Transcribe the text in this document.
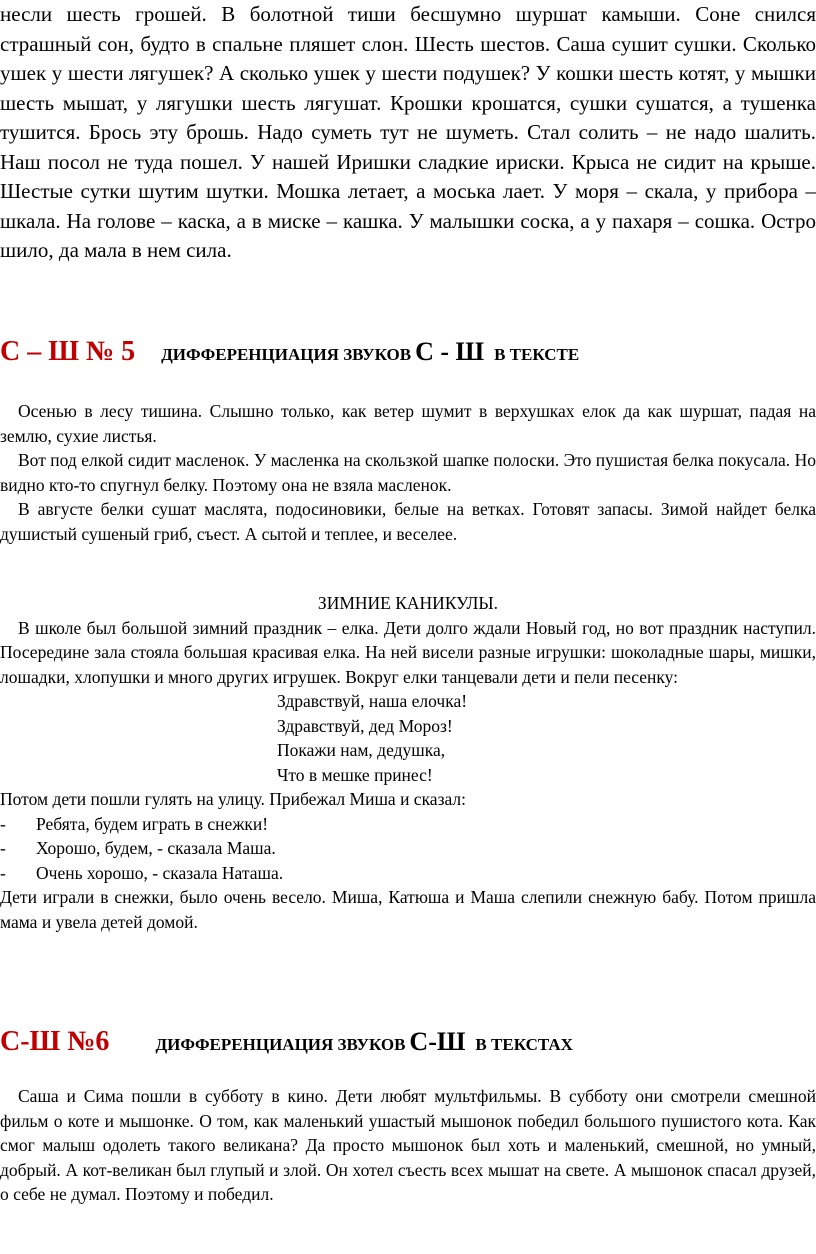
несли шесть грошей. В болотной тиши бесшумно шуршат камыши. Соне снился страшный сон, будто в спальне пляшет слон. Шесть шестов. Саша сушит сушки. Сколько ушек у шести лягушек? А сколько ушек у шести подушек? У кошки шесть котят, у мышки шесть мышат, у лягушки шесть лягушат. Крошки крошатся, сушки сушатся, а тушенка тушится. Брось эту брошь. Надо суметь тут не шуметь. Стал солить – не надо шалить. Наш посол не туда пошел. У нашей Иришки сладкие ириски. Крыса не сидит на крыше. Шестые сутки шутим шутки. Мошка летает, а моська лает. У моря – скала, у прибора – шкала. На голове – каска, а в миске – кашка. У малышки соска, а у пахаря – сошка. Остро шило, да мала в нем сила.

С – Ш № 5 ДИФФЕРЕНЦИАЦИЯ ЗВУКОВ С - Ш В ТЕКСТЕ

Осенью в лесу тишина. Слышно только, как ветер шумит в верхушках елок да как шуршат, падая на землю, сухие листья.

Вот под елкой сидит масленок. У масленка на скользкой шапке полоски. Это пушистая белка покусала. Но видно кто-то спугнул белку. Поэтому она не взяла масленок.

В августе белки сушат маслята, подосиновики, белые на ветках. Готовят запасы. Зимой найдет белка душистый сушеный гриб, съест. А сытой и теплее, и веселее.

ЗИМНИЕ КАНИКУЛЫ.

В школе был большой зимний праздник – елка. Дети долго ждали Новый год, но вот праздник наступил. Посередине зала стояла большая красивая елка. На ней висели разные игрушки: шоколадные шары, мишки, лошадки, хлопушки и много других игрушек. Вокруг елки танцевали дети и пели песенку:

Здравствуй, наша елочка!
Здравствуй, дед Мороз!
Покажи нам, дедушка,
Что в мешке принес!

Потом дети пошли гулять на улицу. Прибежал Миша и сказал:

-	Ребята, будем играть в снежки!
-	Хорошо, будем, - сказала Маша.
-	Очень хорошо, - сказала Наташа.

Дети играли в снежки, было очень весело. Миша, Катюша и Маша слепили снежную бабу. Потом пришла мама и увела детей домой.

С-Ш №6	ДИФФЕРЕНЦИАЦИЯ ЗВУКОВ С-Ш В ТЕКСТАХ

Саша и Сима пошли в субботу в кино. Дети любят мультфильмы. В субботу они смотрели смешной фильм о коте и мышонке. О том, как маленький ушастый мышонок победил большого пушистого кота. Как смог малыш одолеть такого великана? Да просто мышонок был хоть и маленький, смешной, но умный, добрый. А кот-великан был глупый и злой. Он хотел съесть всех мышат на свете. А мышонок спасал друзей, о себе не думал. Поэтому и победил.
